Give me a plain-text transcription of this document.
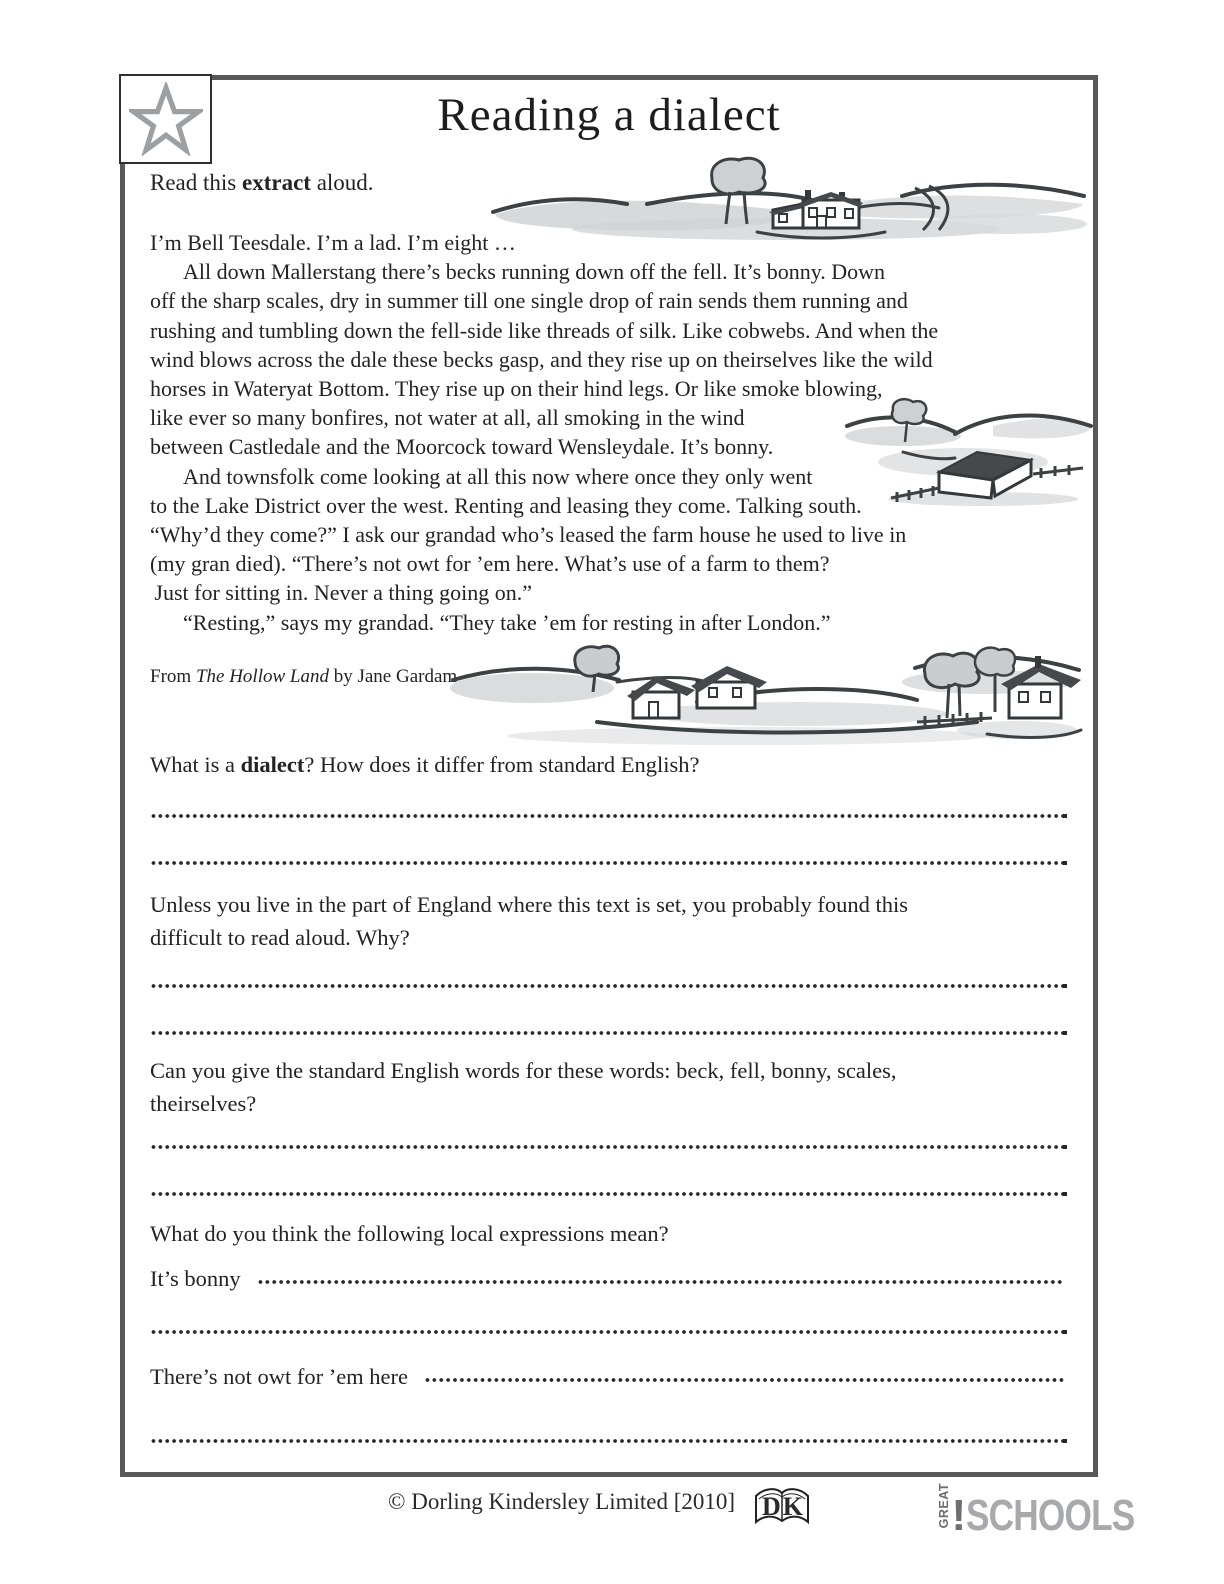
Reading a dialect
Read this extract aloud.
I’m Bell Teesdale. I’m a lad. I’m eight …
  All down Mallerstang there’s becks running down off the fell. It’s bonny. Down
off the sharp scales, dry in summer till one single drop of rain sends them running and
rushing and tumbling down the fell-side like threads of silk. Like cobwebs. And when the
wind blows across the dale these becks gasp, and they rise up on theirselves like the wild
horses in Wateryat Bottom. They rise up on their hind legs. Or like smoke blowing,
like ever so many bonfires, not water at all, all smoking in the wind
between Castledale and the Moorcock toward Wensleydale. It’s bonny.
  And townsfolk come looking at all this now where once they only went
to the Lake District over the west. Renting and leasing they come. Talking south.
“Why’d they come?” I ask our grandad who’s leased the farm house he used to live in
(my gran died). “There’s not owt for ’em here. What’s use of a farm to them?
 Just for sitting in. Never a thing going on.”
  “Resting,” says my grandad. “They take ’em for resting in after London.”
From The Hollow Land by Jane Gardam
What is a dialect? How does it differ from standard English?
Unless you live in the part of England where this text is set, you probably found this
difficult to read aloud. Why?
Can you give the standard English words for these words: beck, fell, bonny, scales,
theirselves?
What do you think the following local expressions mean?
It’s bonny
There’s not owt for ’em here
© Dorling Kindersley Limited [2010] DK	GREAT ! SCHOOLS
